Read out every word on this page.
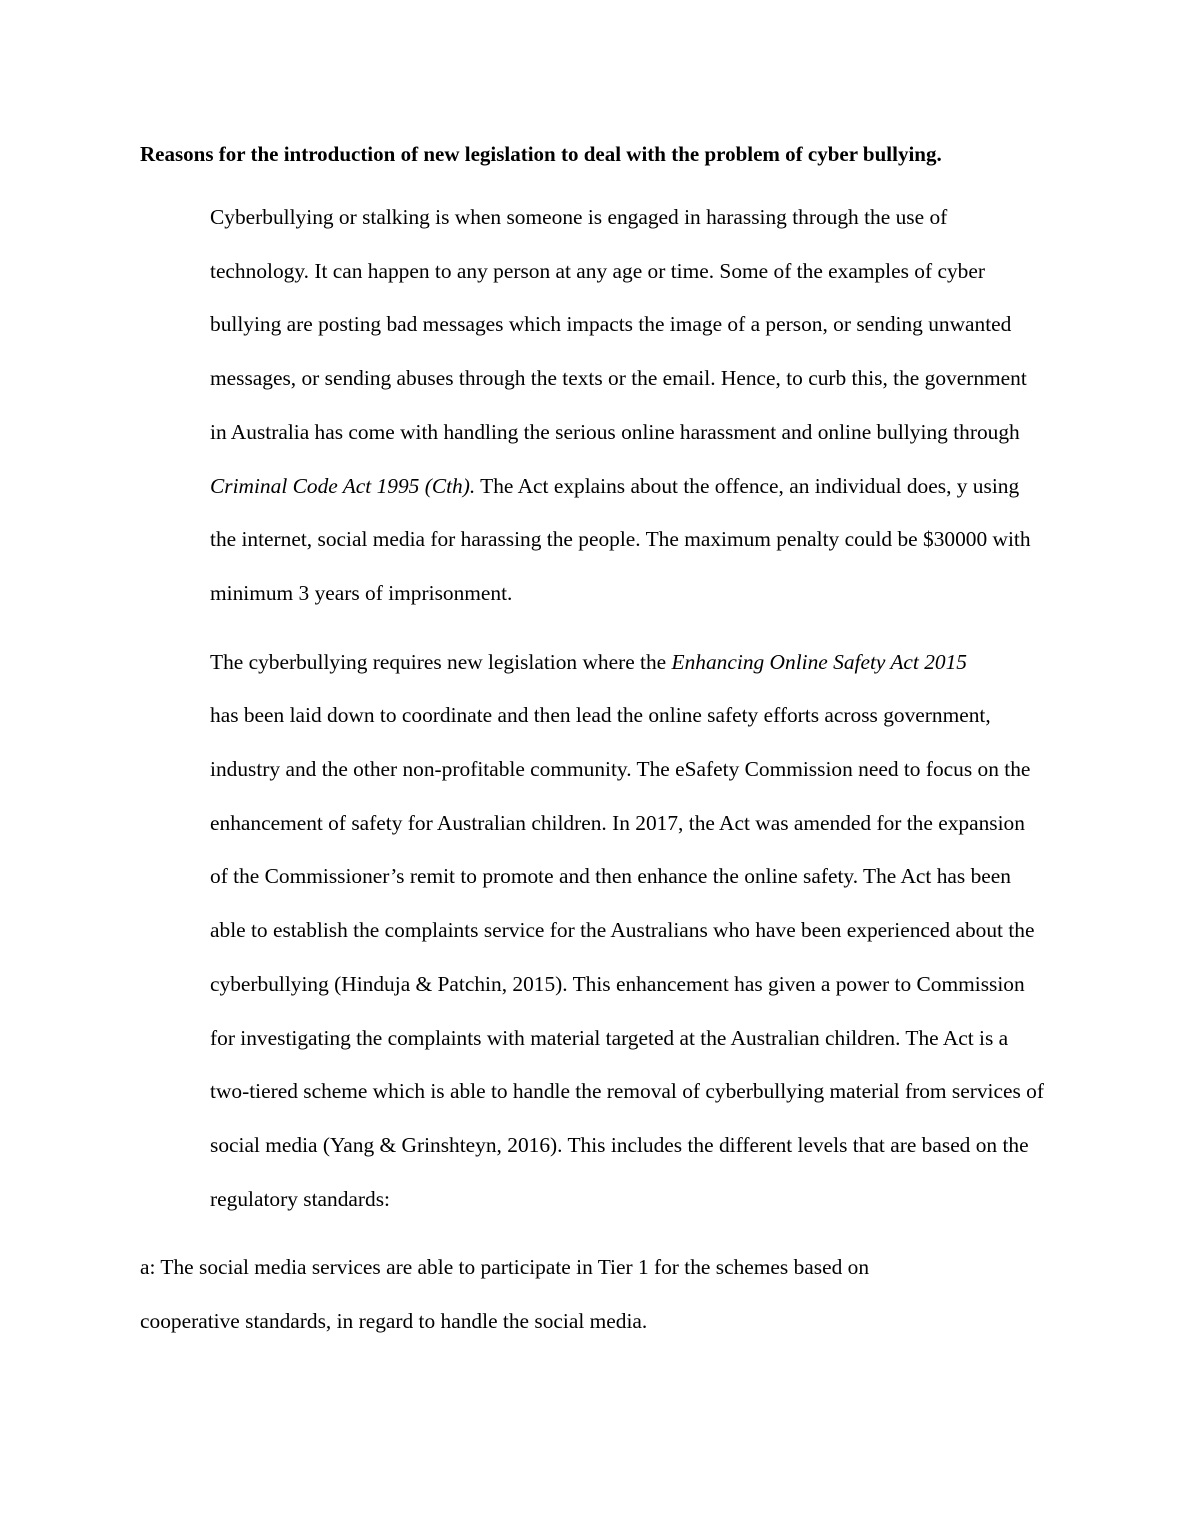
Reasons for the introduction of new legislation to deal with the problem of cyber bullying.

Cyberbullying or stalking is when someone is engaged in harassing through the use of
technology. It can happen to any person at any age or time. Some of the examples of cyber
bullying are posting bad messages which impacts the image of a person, or sending unwanted
messages, or sending abuses through the texts or the email. Hence, to curb this, the government
in Australia has come with handling the serious online harassment and online bullying through
Criminal Code Act 1995 (Cth). The Act explains about the offence, an individual does, y using
the internet, social media for harassing the people. The maximum penalty could be $30000 with
minimum 3 years of imprisonment.

The cyberbullying requires new legislation where the Enhancing Online Safety Act 2015
has been laid down to coordinate and then lead the online safety efforts across government,
industry and the other non-profitable community. The eSafety Commission need to focus on the
enhancement of safety for Australian children. In 2017, the Act was amended for the expansion
of the Commissioner’s remit to promote and then enhance the online safety. The Act has been
able to establish the complaints service for the Australians who have been experienced about the
cyberbullying (Hinduja & Patchin, 2015). This enhancement has given a power to Commission
for investigating the complaints with material targeted at the Australian children. The Act is a
two-tiered scheme which is able to handle the removal of cyberbullying material from services of
social media (Yang & Grinshteyn, 2016). This includes the different levels that are based on the
regulatory standards:

a: The social media services are able to participate in Tier 1 for the schemes based on
cooperative standards, in regard to handle the social media.
